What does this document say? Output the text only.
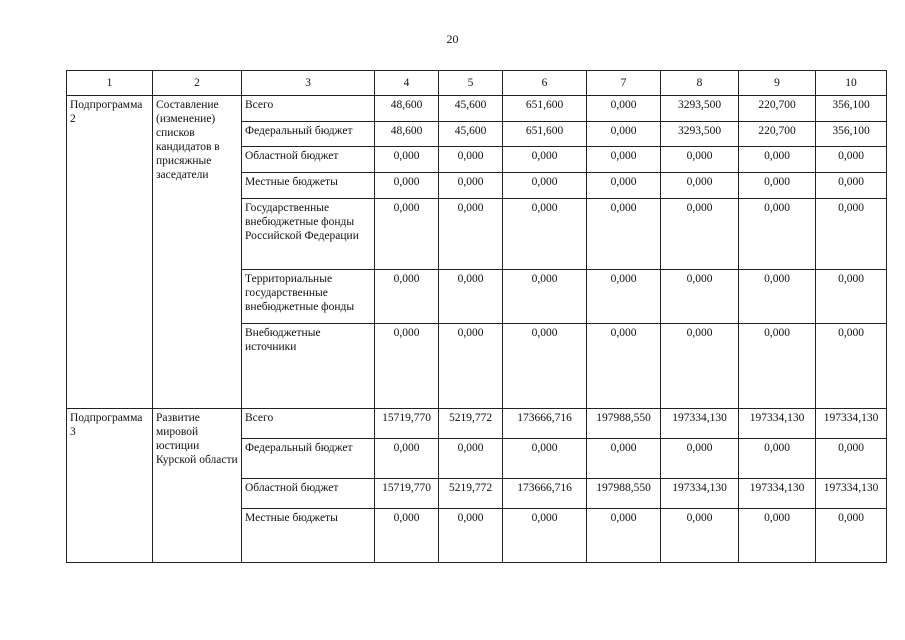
20
1	2	3	4	5	6	7	8	9	10
Подпрограмма 2	Составление (изменение) списков кандидатов в присяжные заседатели	Всего	48,600	45,600	651,600	0,000	3293,500	220,700	356,100
		Федеральный бюджет	48,600	45,600	651,600	0,000	3293,500	220,700	356,100
		Областной бюджет	0,000	0,000	0,000	0,000	0,000	0,000	0,000
		Местные бюджеты	0,000	0,000	0,000	0,000	0,000	0,000	0,000
		Государственные внебюджетные фонды Российской Федерации	0,000	0,000	0,000	0,000	0,000	0,000	0,000
		Территориальные государственные внебюджетные фонды	0,000	0,000	0,000	0,000	0,000	0,000	0,000
		Внебюджетные источники	0,000	0,000	0,000	0,000	0,000	0,000	0,000
Подпрограмма 3	Развитие мировой юстиции Курской области	Всего	15719,770	5219,772	173666,716	197988,550	197334,130	197334,130	197334,130
		Федеральный бюджет	0,000	0,000	0,000	0,000	0,000	0,000	0,000
		Областной бюджет	15719,770	5219,772	173666,716	197988,550	197334,130	197334,130	197334,130
		Местные бюджеты	0,000	0,000	0,000	0,000	0,000	0,000	0,000
